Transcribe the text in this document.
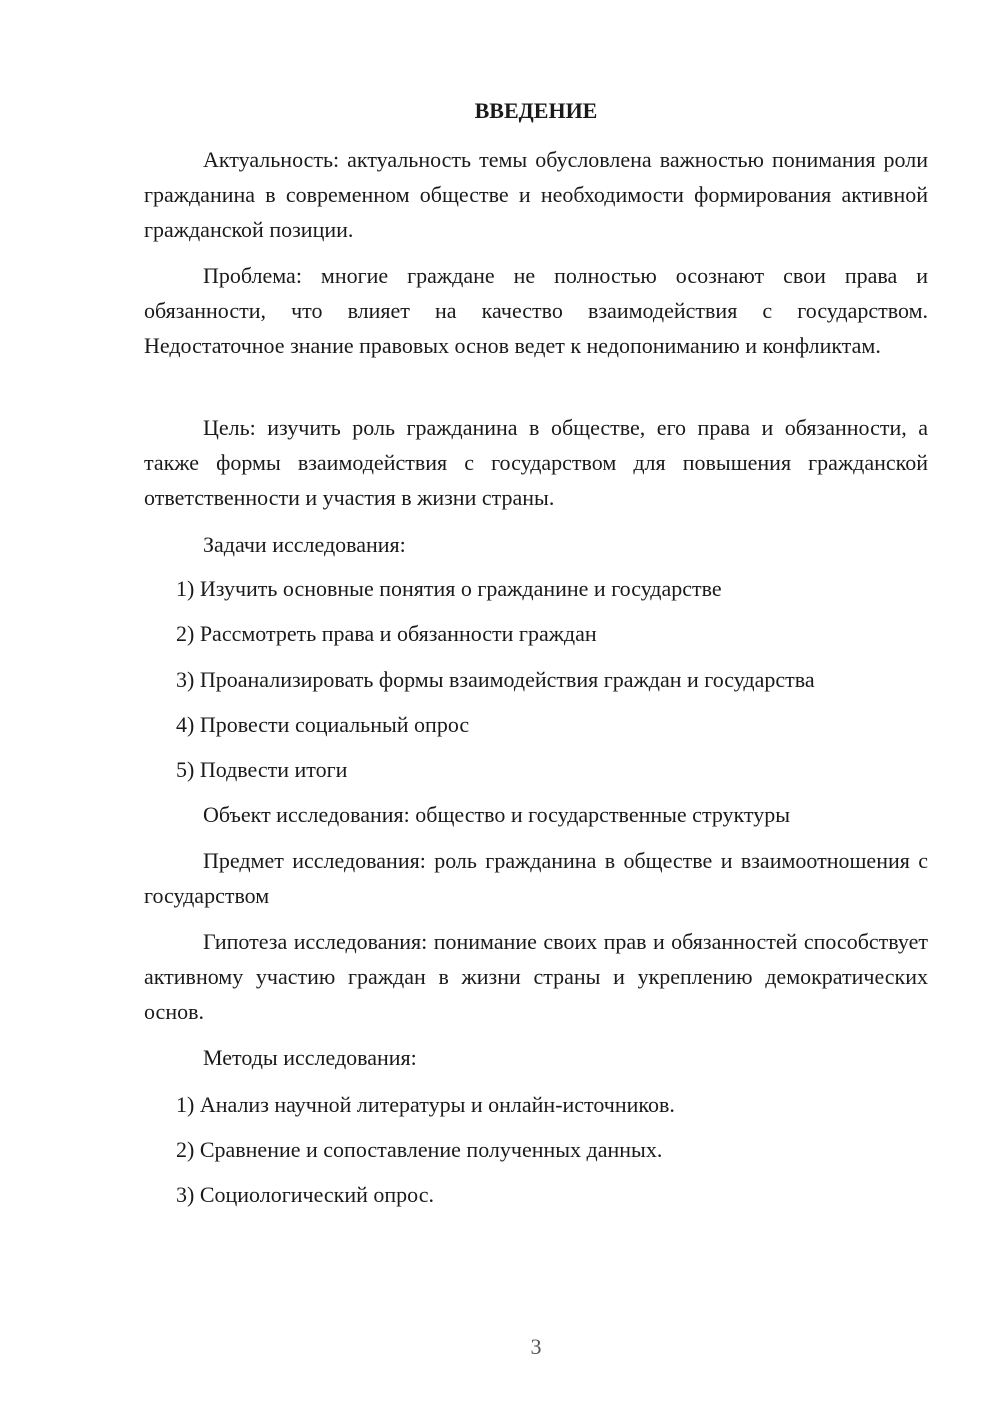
ВВЕДЕНИЕ

Актуальность: актуальность темы обусловлена важностью понимания роли гражданина в современном обществе и необходимости формирования активной гражданской позиции.

Проблема: многие граждане не полностью осознают свои права и обязанности, что влияет на качество взаимодействия с государством. Недостаточное знание правовых основ ведет к недопониманию и конфликтам.

Цель: изучить роль гражданина в обществе, его права и обязанности, а также формы взаимодействия с государством для повышения гражданской ответственности и участия в жизни страны.

Задачи исследования:

1) Изучить основные понятия о гражданине и государстве

2) Рассмотреть права и обязанности граждан

3) Проанализировать формы взаимодействия граждан и государства

4) Провести социальный опрос

5) Подвести итоги

Объект исследования: общество и государственные структуры

Предмет исследования: роль гражданина в обществе и взаимоотношения с государством

Гипотеза исследования: понимание своих прав и обязанностей способствует активному участию граждан в жизни страны и укреплению демократических основ.

Методы исследования:

1) Анализ научной литературы и онлайн-источников.

2) Сравнение и сопоставление полученных данных.

3) Социологический опрос.

3
